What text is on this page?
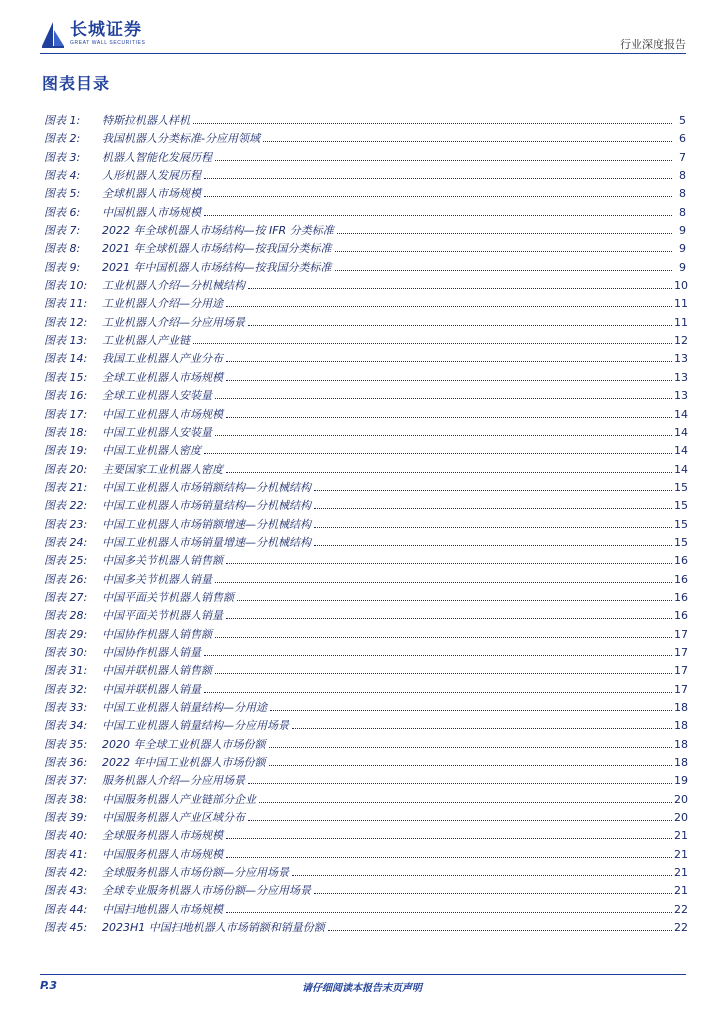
长城证券
GREAT WALL SECURITIES	行业深度报告
图表目录
图表 1:	特斯拉机器人样机	5
图表 2:	我国机器人分类标准-分应用领域	6
图表 3:	机器人智能化发展历程	7
图表 4:	人形机器人发展历程	8
图表 5:	全球机器人市场规模	8
图表 6:	中国机器人市场规模	8
图表 7:	2022 年全球机器人市场结构—按 IFR 分类标准	9
图表 8:	2021 年全球机器人市场结构—按我国分类标准	9
图表 9:	2021 年中国机器人市场结构—按我国分类标准	9
图表 10:	工业机器人介绍—分机械结构	10
图表 11:	工业机器人介绍—分用途	11
图表 12:	工业机器人介绍—分应用场景	11
图表 13:	工业机器人产业链	12
图表 14:	我国工业机器人产业分布	13
图表 15:	全球工业机器人市场规模	13
图表 16:	全球工业机器人安装量	13
图表 17:	中国工业机器人市场规模	14
图表 18:	中国工业机器人安装量	14
图表 19:	中国工业机器人密度	14
图表 20:	主要国家工业机器人密度	14
图表 21:	中国工业机器人市场销额结构—分机械结构	15
图表 22:	中国工业机器人市场销量结构—分机械结构	15
图表 23:	中国工业机器人市场销额增速—分机械结构	15
图表 24:	中国工业机器人市场销量增速—分机械结构	15
图表 25:	中国多关节机器人销售额	16
图表 26:	中国多关节机器人销量	16
图表 27:	中国平面关节机器人销售额	16
图表 28:	中国平面关节机器人销量	16
图表 29:	中国协作机器人销售额	17
图表 30:	中国协作机器人销量	17
图表 31:	中国并联机器人销售额	17
图表 32:	中国并联机器人销量	17
图表 33:	中国工业机器人销量结构—分用途	18
图表 34:	中国工业机器人销量结构—分应用场景	18
图表 35:	2020 年全球工业机器人市场份额	18
图表 36:	2022 年中国工业机器人市场份额	18
图表 37:	服务机器人介绍—分应用场景	19
图表 38:	中国服务机器人产业链部分企业	20
图表 39:	中国服务机器人产业区域分布	20
图表 40:	全球服务机器人市场规模	21
图表 41:	中国服务机器人市场规模	21
图表 42:	全球服务机器人市场份额—分应用场景	21
图表 43:	全球专业服务机器人市场份额—分应用场景	21
图表 44:	中国扫地机器人市场规模	22
图表 45:	2023H1 中国扫地机器人市场销额和销量份额	22
P.3	请仔细阅读本报告末页声明
